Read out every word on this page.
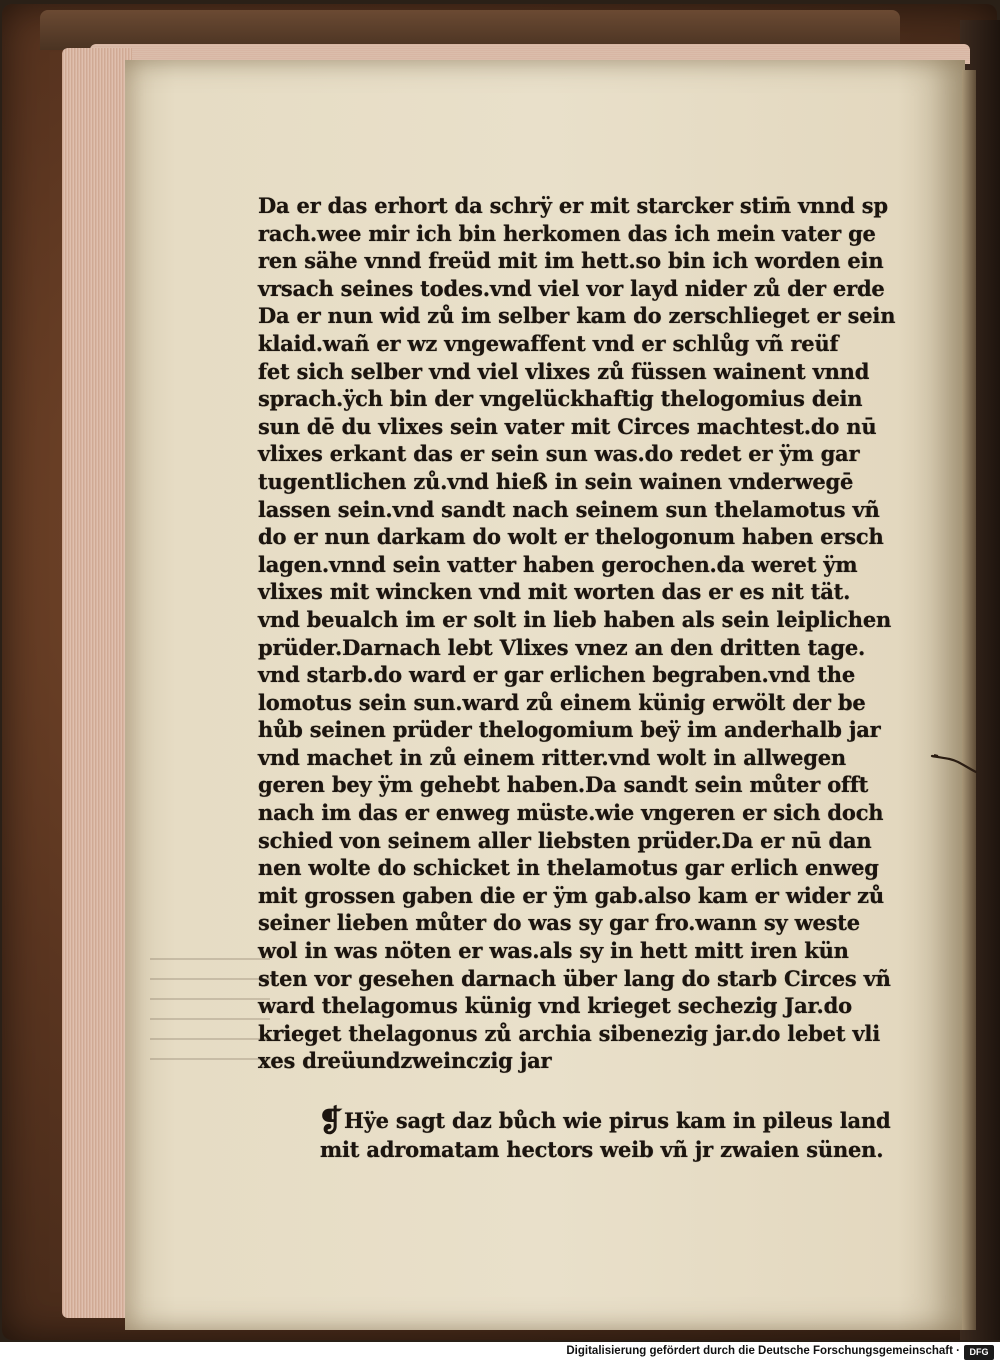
Da er das erhort da schrÿ er mit starcker stim̄ vnnd sp
rach.wee mir ich bin herkomen das ich mein vater ge
ren sähe vnnd freüd mit im hett.so bin ich worden ein
vrsach seines todes.vnd viel vor layd nider zů der erde
Da er nun wid zů im selber kam do zerschlieget er sein
klaid.wañ er wz vngewaffent vnd er schlůg vñ reüf
fet sich selber vnd viel vlixes zů füssen wainent vnnd
sprach.ÿch bin der vngelückhaftig thelogomius dein
sun dē du vlixes sein vater mit Circes machtest.do nū
vlixes erkant das er sein sun was.do redet er ÿm gar
tugentlichen zů.vnd hieß in sein wainen vnderwegē
lassen sein.vnd sandt nach seinem sun thelamotus vñ
do er nun darkam do wolt er thelogonum haben ersch
lagen.vnnd sein vatter haben gerochen.da weret ÿm
vlixes mit wincken vnd mit worten das er es nit tät.
vnd beualch im er solt in lieb haben als sein leiplichen
prüder.Darnach lebt Vlixes vnez an den dritten tage.
vnd starb.do ward er gar erlichen begraben.vnd the
lomotus sein sun.ward zů einem künig erwölt der be
hůb seinen prüder thelogomium beÿ im anderhalb jar
vnd machet in zů einem ritter.vnd wolt in allwegen
geren bey ÿm gehebt haben.Da sandt sein můter offt
nach im das er enweg müste.wie vngeren er sich doch
schied von seinem aller liebsten prüder.Da er nū dan
nen wolte do schicket in thelamotus gar erlich enweg
mit grossen gaben die er ÿm gab.also kam er wider zů
seiner lieben můter do was sy gar fro.wann sy weste
wol in was nöten er was.als sy in hett mitt iren kün
sten vor gesehen darnach über lang do starb Circes vñ
ward thelagomus künig vnd krieget sechezig Jar.do
krieget thelagonus zů archia sibenezig jar.do lebet vli
xes dreüundzweinczig jar
❡ Hÿe sagt daz bůch wie pirus kam in pileus land
mit adromatam hectors weib vñ jr zwaien sünen.
Digitalisierung gefördert durch die Deutsche Forschungsgemeinschaft ·	DFG
